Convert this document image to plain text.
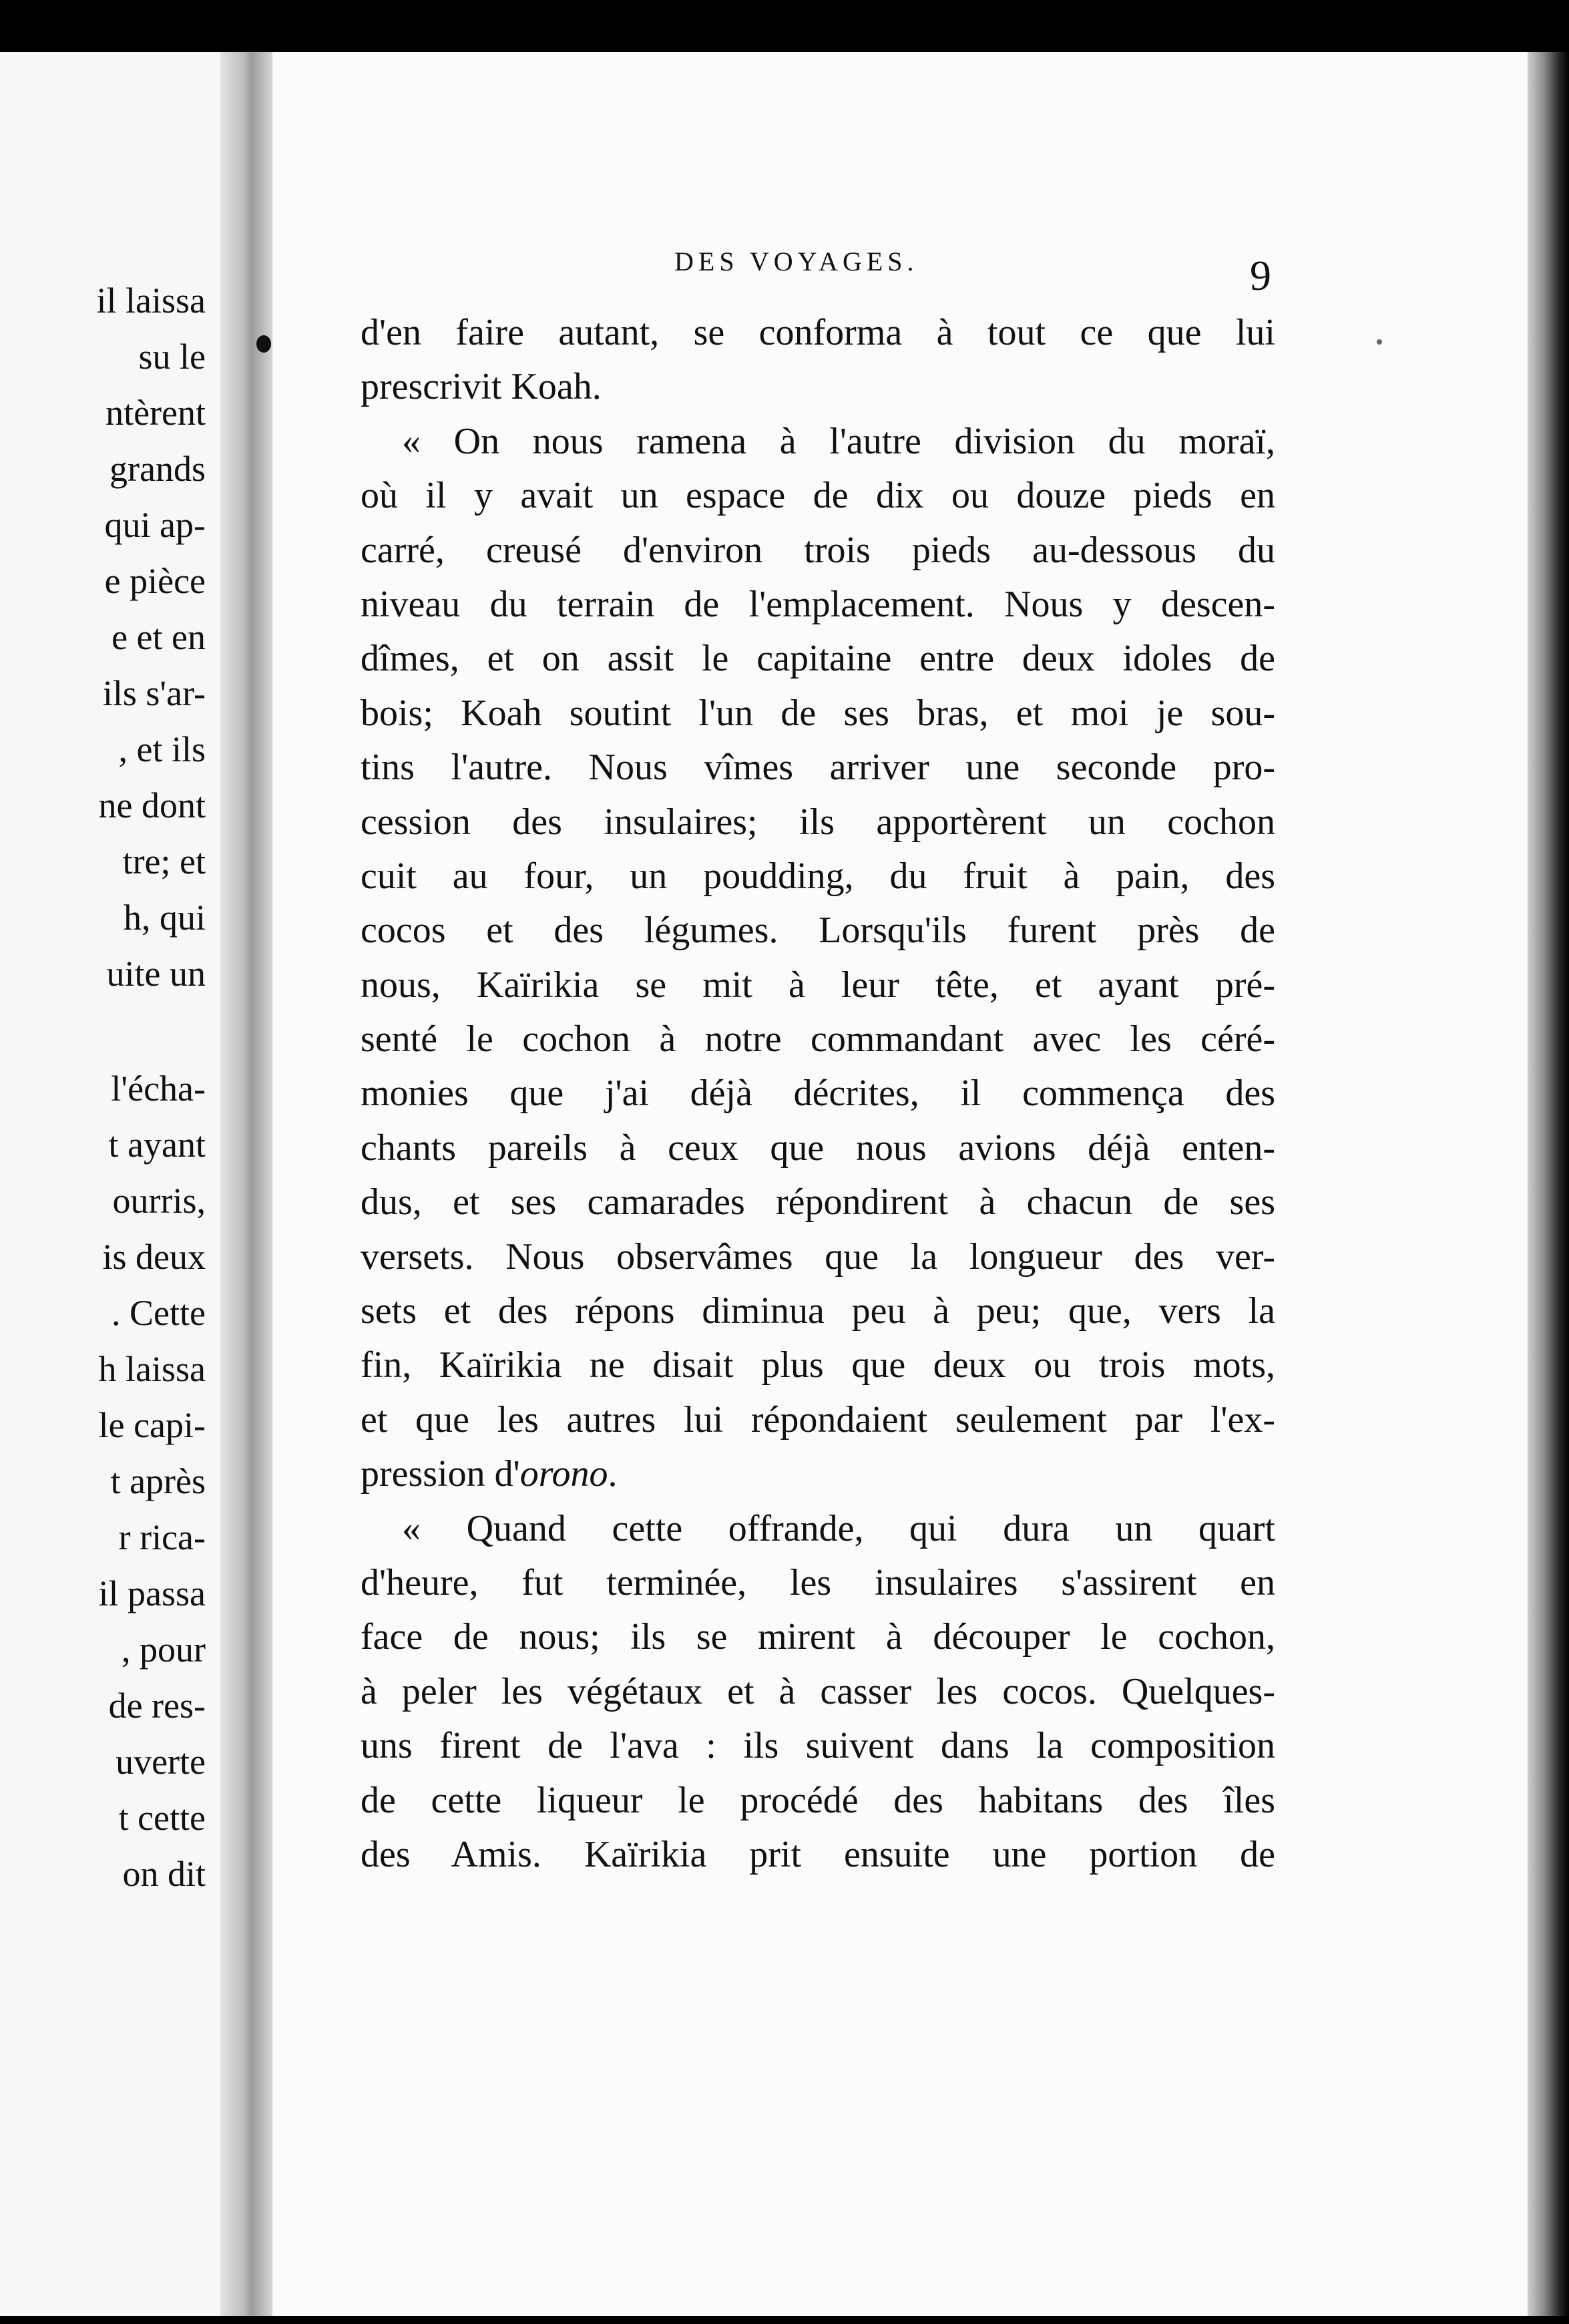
il laissa
su le
ntèrent
grands
qui ap-
e pièce
e et en
ils s'ar-
, et ils
ne dont
tre; et
h, qui
uite un
l'écha-
t ayant
ourris,
is deux
. Cette
h laissa
le capi-
t après
r rica-
il passa
, pour
de res-
uverte
t cette
on dit
DES VOYAGES.	9
d'en faire autant, se conforma à tout ce que lui
prescrivit Koah.
« On nous ramena à l'autre division du moraï,
où il y avait un espace de dix ou douze pieds en
carré, creusé d'environ trois pieds au-dessous du
niveau du terrain de l'emplacement. Nous y descen-
dîmes, et on assit le capitaine entre deux idoles de
bois; Koah soutint l'un de ses bras, et moi je sou-
tins l'autre. Nous vîmes arriver une seconde pro-
cession des insulaires; ils apportèrent un cochon
cuit au four, un poudding, du fruit à pain, des
cocos et des légumes. Lorsqu'ils furent près de
nous, Kaïrikia se mit à leur tête, et ayant pré-
senté le cochon à notre commandant avec les céré-
monies que j'ai déjà décrites, il commença des
chants pareils à ceux que nous avions déjà enten-
dus, et ses camarades répondirent à chacun de ses
versets. Nous observâmes que la longueur des ver-
sets et des répons diminua peu à peu; que, vers la
fin, Kaïrikia ne disait plus que deux ou trois mots,
et que les autres lui répondaient seulement par l'ex-
pression d'orono.
« Quand cette offrande, qui dura un quart
d'heure, fut terminée, les insulaires s'assirent en
face de nous; ils se mirent à découper le cochon,
à peler les végétaux et à casser les cocos. Quelques-
uns firent de l'ava : ils suivent dans la composition
de cette liqueur le procédé des habitans des îles
des Amis. Kaïrikia prit ensuite une portion de
